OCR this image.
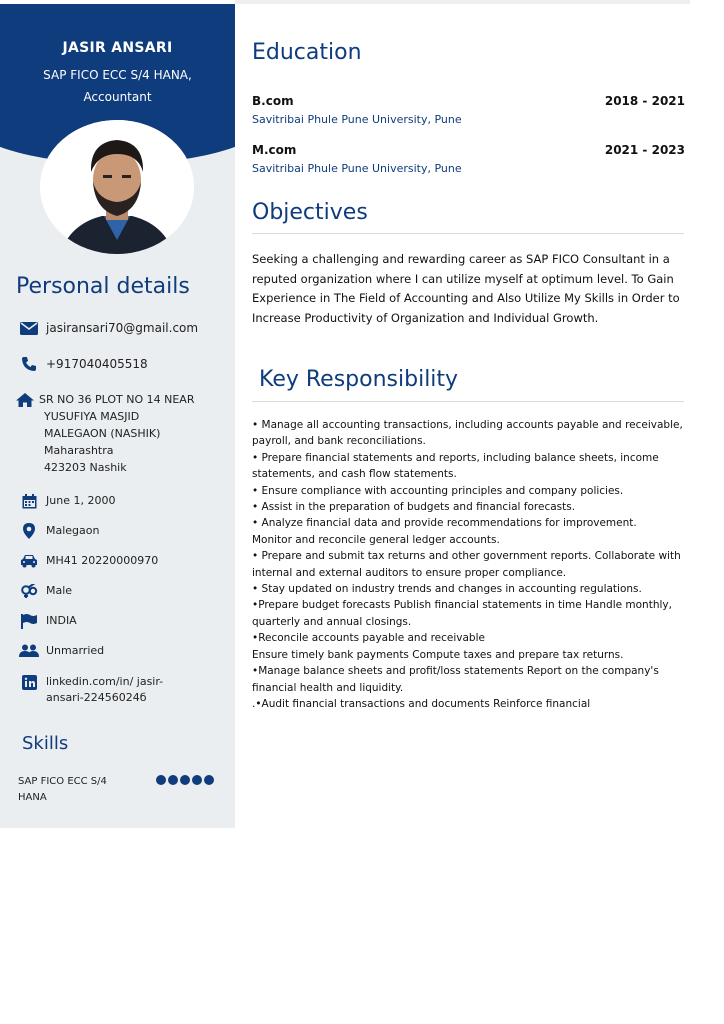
JASIR ANSARI
SAP FICO ECC S/4 HANA,
Accountant
Personal details
jasiransari70@gmail.com
+917040405518
SR NO 36 PLOT NO 14 NEAR
YUSUFIYA MASJID
MALEGAON (NASHIK)
Maharashtra
423203 Nashik
June 1, 2000
Malegaon
MH41 20220000970
Male
INDIA
Unmarried
linkedin.com/in/ jasir-
ansari-22456024б
Skills
SAP FICO ECC S/4 HANA
Education
B.com	2018 - 2021
Savitribai Phule Pune University, Pune
M.com	2021 - 2023
Savitribai Phule Pune University, Pune
Objectives
Seeking a challenging and rewarding career as SAP FICO Consultant in a reputed organization where I can utilize myself at optimum level. To Gain Experience in The Field of Accounting and Also Utilize My Skills in Order to Increase Productivity of Organization and Individual Growth.
Key Responsibility
• Manage all accounting transactions, including accounts payable and receivable, payroll, and bank reconciliations.
• Prepare financial statements and reports, including balance sheets, income statements, and cash flow statements.
• Ensure compliance with accounting principles and company policies.
• Assist in the preparation of budgets and financial forecasts.
• Analyze financial data and provide recommendations for improvement.
Monitor and reconcile general ledger accounts.
• Prepare and submit tax returns and other government reports. Collaborate with internal and external auditors to ensure proper compliance.
• Stay updated on industry trends and changes in accounting regulations.
•Prepare budget forecasts Publish financial statements in time Handle monthly, quarterly and annual closings.
•Reconcile accounts payable and receivable
Ensure timely bank payments Compute taxes and prepare tax returns.
•Manage balance sheets and profit/loss statements Report on the company's financial health and liquidity.
.•Audit financial transactions and documents Reinforce financial
